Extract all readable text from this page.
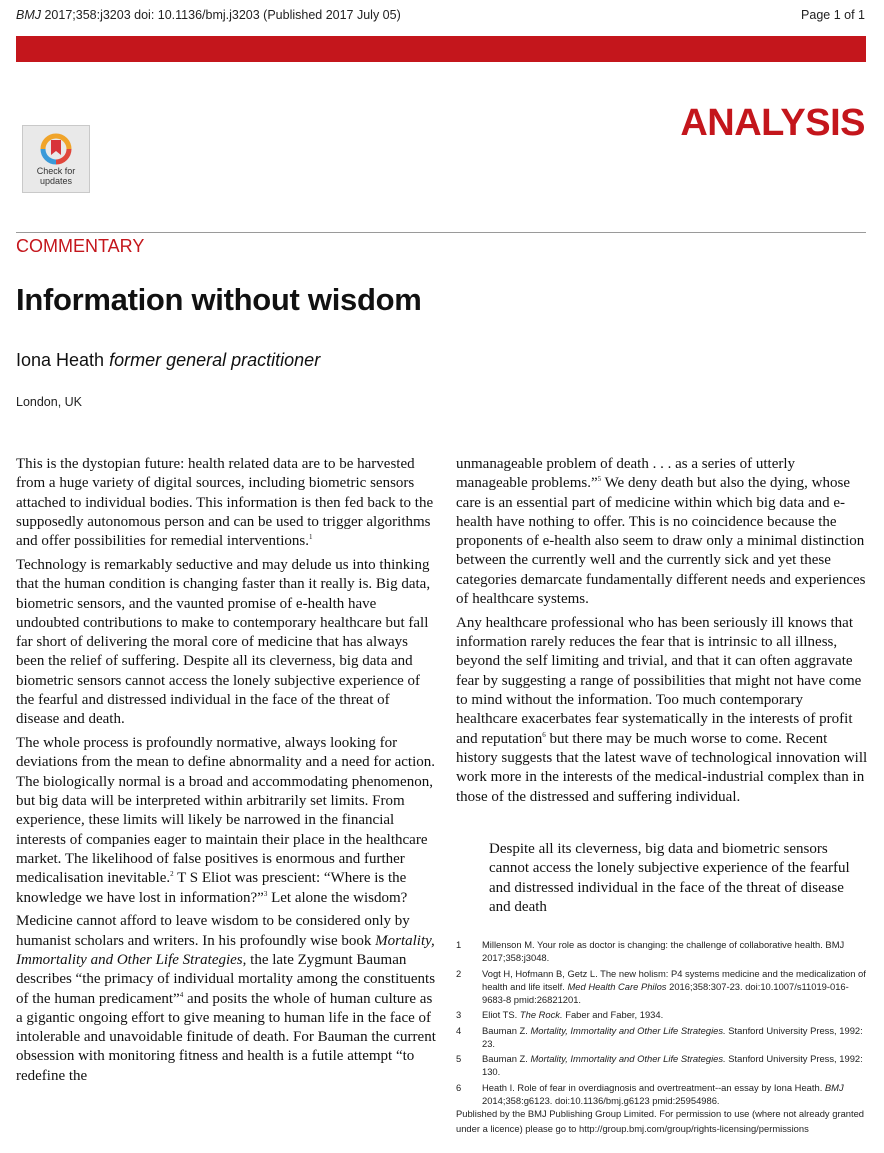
BMJ 2017;358:j3203 doi: 10.1136/bmj.j3203 (Published 2017 July 05)	Page 1 of 1
ANALYSIS
Check for
updates
COMMENTARY
Information without wisdom
Iona Heath former general practitioner
London, UK

This is the dystopian future: health related data are to be harvested from a huge variety of digital sources, including biometric sensors attached to individual bodies. This information is then fed back to the supposedly autonomous person and can be used to trigger algorithms and offer possibilities for remedial interventions.$^1$

Technology is remarkably seductive and may delude us into thinking that the human condition is changing faster than it really is. Big data, biometric sensors, and the vaunted promise of e-health have undoubted contributions to make to contemporary healthcare but fall far short of delivering the moral core of medicine that has always been the relief of suffering. Despite all its cleverness, big data and biometric sensors cannot access the lonely subjective experience of the fearful and distressed individual in the face of the threat of disease and death.

The whole process is profoundly normative, always looking for deviations from the mean to define abnormality and a need for action. The biologically normal is a broad and accommodating phenomenon, but big data will be interpreted within arbitrarily set limits. From experience, these limits will likely be narrowed in the financial interests of companies eager to maintain their place in the healthcare market. The likelihood of false positives is enormous and further medicalisation inevitable.$^2$ T S Eliot was prescient: “Where is the knowledge we have lost in information?”$^3$ Let alone the wisdom?

Medicine cannot afford to leave wisdom to be considered only by humanist scholars and writers. In his profoundly wise book Mortality, Immortality and Other Life Strategies, the late Zygmunt Bauman describes “the primacy of individual mortality among the constituents of the human predicament”$^4$ and posits the whole of human culture as a gigantic ongoing effort to give meaning to human life in the face of intolerable and unavoidable finitude of death. For Bauman the current obsession with monitoring fitness and health is a futile attempt “to redefine the

unmanageable problem of death . . . as a series of utterly manageable problems.”$^5$ We deny death but also the dying, whose care is an essential part of medicine within which big data and e-health have nothing to offer. This is no coincidence because the proponents of e-health also seem to draw only a minimal distinction between the currently well and the currently sick and yet these categories demarcate fundamentally different needs and experiences of healthcare systems.

Any healthcare professional who has been seriously ill knows that information rarely reduces the fear that is intrinsic to all illness, beyond the self limiting and trivial, and that it can often aggravate fear by suggesting a range of possibilities that might not have come to mind without the information. Too much contemporary healthcare exacerbates fear systematically in the interests of profit and reputation$^6$ but there may be much worse to come. Recent history suggests that the latest wave of technological innovation will work more in the interests of the medical-industrial complex than in those of the distressed and suffering individual.

Despite all its cleverness, big data and biometric sensors cannot access the lonely subjective experience of the fearful and distressed individual in the face of the threat of disease and death
1	Millenson M. Your role as doctor is changing: the challenge of collaborative health. BMJ 2017;358:j3048.
2	Vogt H, Hofmann B, Getz L. The new holism: P4 systems medicine and the medicalization of health and life itself. Med Health Care Philos 2016;358:307-23. doi:10.1007/s11019-016-9683-8 pmid:26821201.
3	Eliot TS. The Rock. Faber and Faber, 1934.
4	Bauman Z. Mortality, Immortality and Other Life Strategies. Stanford University Press, 1992: 23.
5	Bauman Z. Mortality, Immortality and Other Life Strategies. Stanford University Press, 1992: 130.
6	Heath I. Role of fear in overdiagnosis and overtreatment--an essay by Iona Heath. BMJ 2014;358:g6123. doi:10.1136/bmj.g6123 pmid:25954986.
Published by the BMJ Publishing Group Limited. For permission to use (where not already granted under a licence) please go to http://group.bmj.com/group/rights-licensing/permissions
